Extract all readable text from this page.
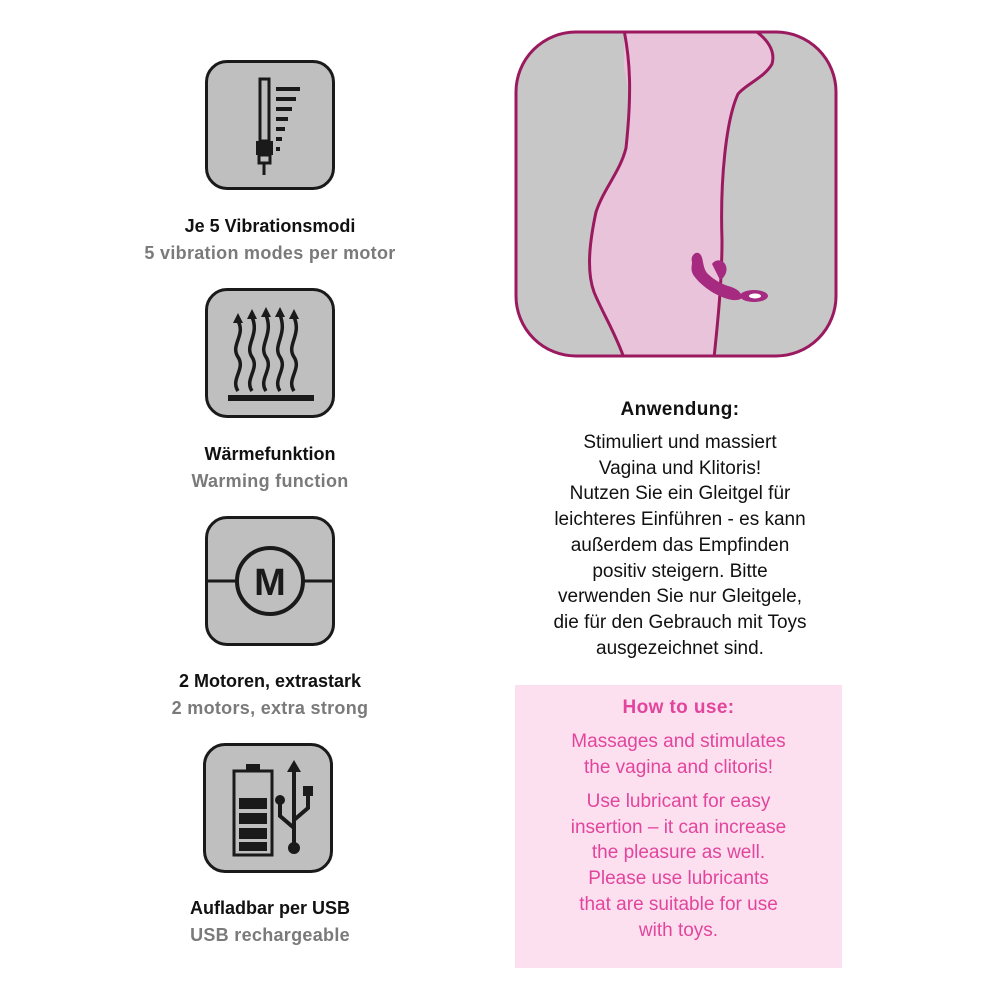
Je 5 Vibrationsmodi
5 vibration modes per motor
Wärmefunktion
Warming function
M
2 Motoren, extrastark
2 motors, extra strong
Aufladbar per USB
USB rechargeable
Anwendung:
Stimuliert und massiert
Vagina und Klitoris!
Nutzen Sie ein Gleitgel für
leichteres Einführen - es kann
außerdem das Empfinden
positiv steigern. Bitte
verwenden Sie nur Gleitgele,
die für den Gebrauch mit Toys
ausgezeichnet sind.
How to use:
Massages and stimulates
the vagina and clitoris!
Use lubricant for easy
insertion – it can increase
the pleasure as well.
Please use lubricants
that are suitable for use
with toys.
